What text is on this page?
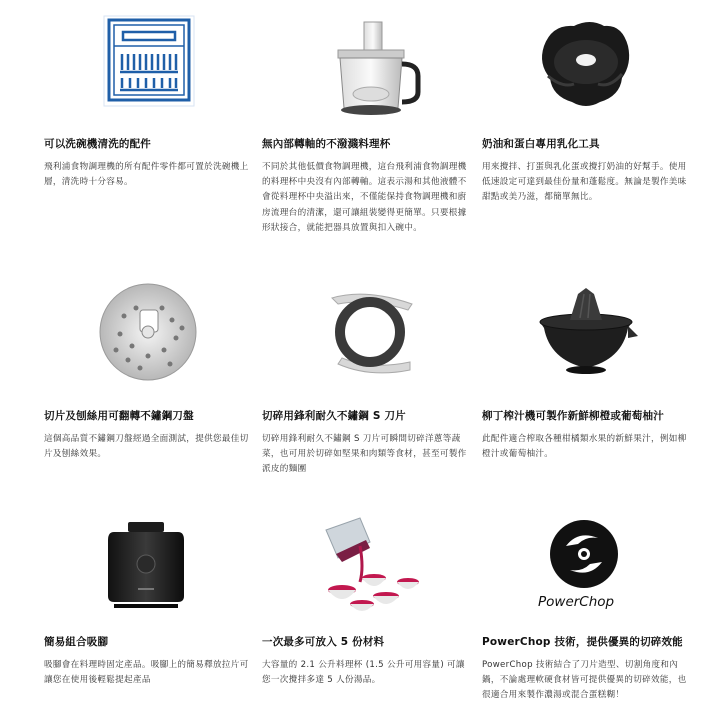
可以洗碗機清洗的配件
飛利浦食物調理機的所有配件零件都可置於洗碗機上層，清洗時十分容易。
無內部轉軸的不潑濺料理杯
不同於其他低價食物調理機，這台飛利浦食物調理機的料理杯中央沒有內部轉軸。這表示湯和其他液體不會從料理杯中央溢出來，不僅能保持食物調理機和廚房流理台的清潔，還可讓組裝變得更簡單。只要根據形狀接合，就能把器具放置與扣入碗中。
奶油和蛋白專用乳化工具
用來攪拌、打蛋與乳化蛋或攪打奶油的好幫手。使用低速設定可達到最佳份量和蓬鬆度。無論是製作美味甜點或美乃滋，都簡單無比。
切片及刨絲用可翻轉不鏽鋼刀盤
這個高品質不鏽鋼刀盤經過全面測試，提供您最佳切片及刨絲效果。
切碎用鋒利耐久不鏽鋼 S 刀片
切碎用鋒利耐久不鏽鋼 S 刀片可瞬間切碎洋蔥等蔬菜，也可用於切碎如堅果和肉類等食材，甚至可製作派皮的麵團
柳丁榨汁機可製作新鮮柳橙或葡萄柚汁
此配件適合榨取各種柑橘類水果的新鮮果汁，例如柳橙汁或葡萄柚汁。
簡易組合吸腳
吸腳會在料理時固定產品。吸腳上的簡易釋放拉片可讓您在使用後輕鬆提起產品
一次最多可放入 5 份材料
大容量的 2.1 公升料理杯 (1.5 公升可用容量) 可讓您一次攪拌多達 5 人份湯品。
PowerChop
PowerChop 技術，提供優異的切碎效能
PowerChop 技術結合了刀片造型、切割角度和內鍋，不論處理軟硬食材皆可提供優異的切碎效能，也很適合用來製作濃湯或混合蛋糕糊！
